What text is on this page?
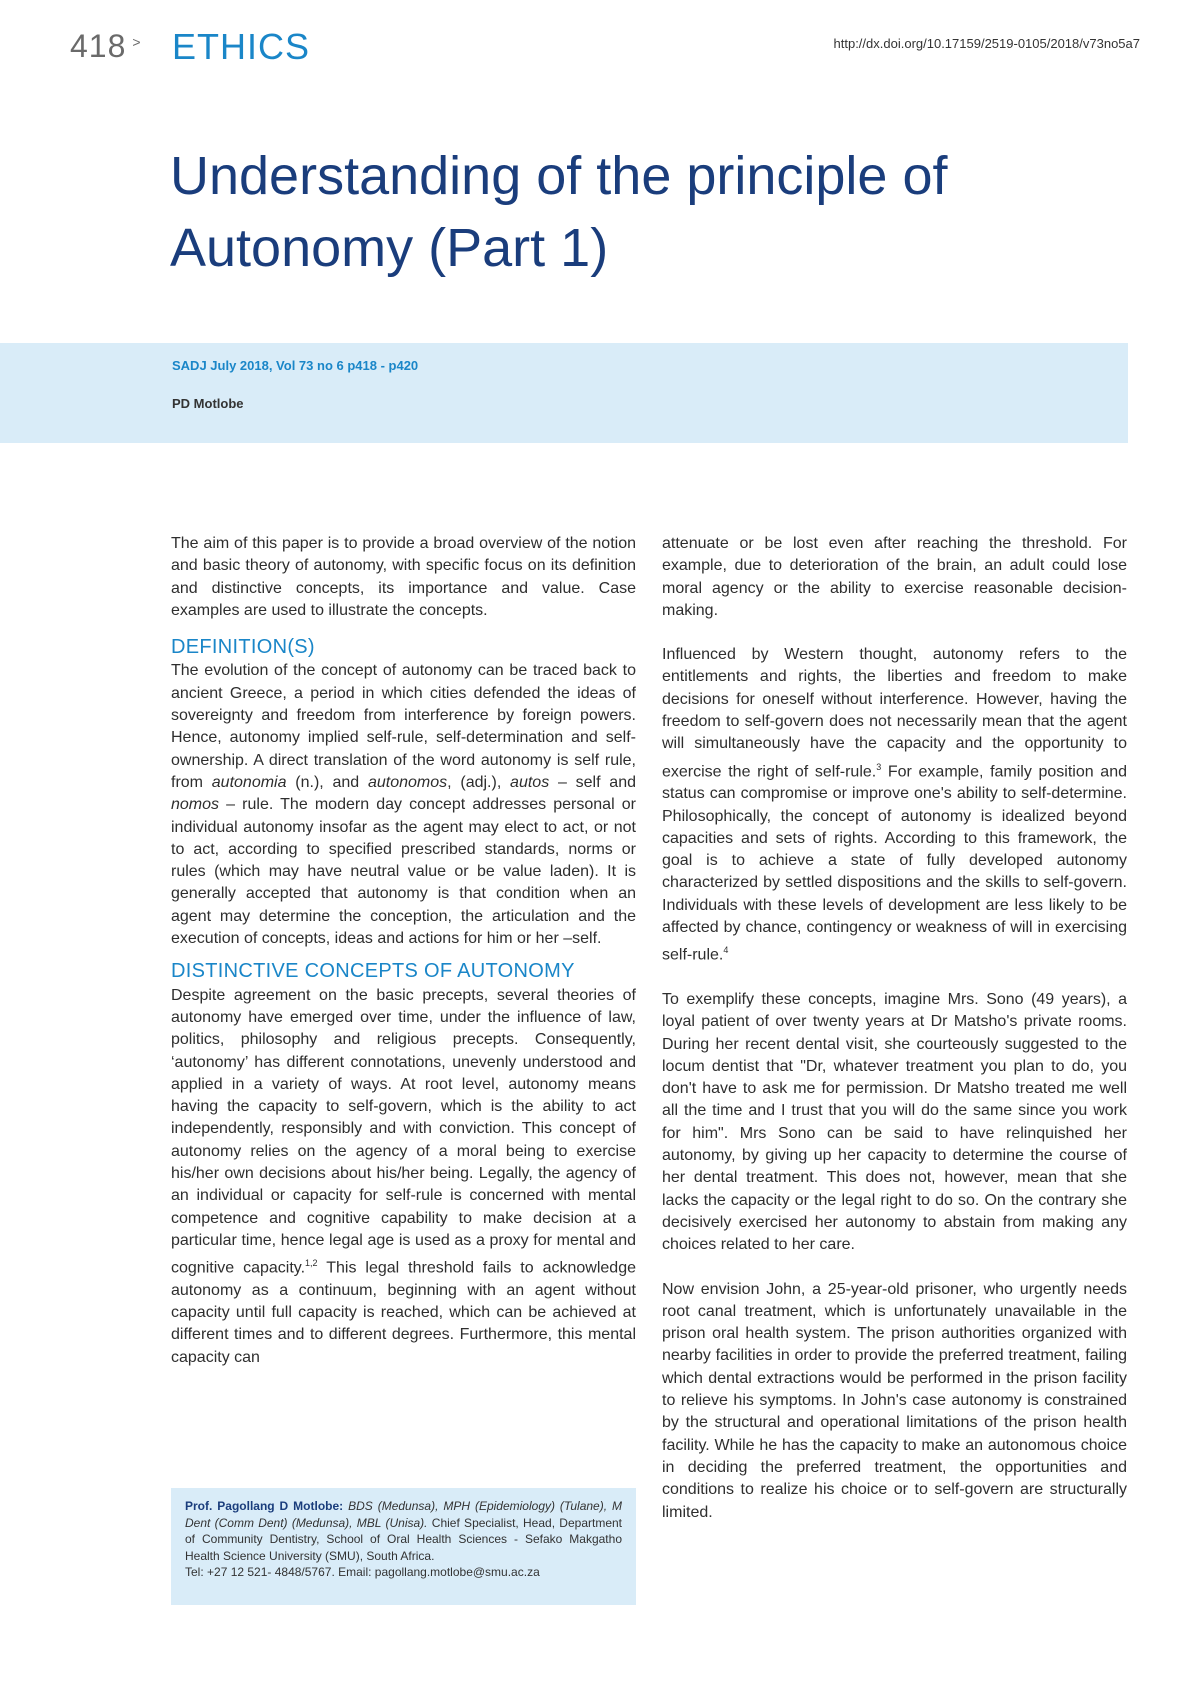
418 > ETHICS	http://dx.doi.org/10.17159/2519-0105/2018/v73no5a7
Understanding of the principle of Autonomy (Part 1)
SADJ July 2018, Vol 73 no 6 p418 - p420
PD Motlobe

The aim of this paper is to provide a broad overview of the notion and basic theory of autonomy, with specific focus on its definition and distinctive concepts, its importance and value. Case examples are used to illustrate the concepts.

DEFINITION(S)

The evolution of the concept of autonomy can be traced back to ancient Greece, a period in which cities defended the ideas of sovereignty and freedom from interference by foreign powers. Hence, autonomy implied self-rule, self-determination and self-ownership. A direct translation of the word autonomy is self rule, from autonomia (n.), and autonomos, (adj.), autos – self and nomos – rule. The modern day concept addresses personal or individual autonomy insofar as the agent may elect to act, or not to act, according to specified prescribed standards, norms or rules (which may have neutral value or be value laden). It is generally accepted that autonomy is that condition when an agent may determine the conception, the articulation and the execution of concepts, ideas and actions for him or her –self.

DISTINCTIVE CONCEPTS OF AUTONOMY

Despite agreement on the basic precepts, several theories of autonomy have emerged over time, under the influence of law, politics, philosophy and religious precepts. Consequently, ‘autonomy’ has different connotations, unevenly understood and applied in a variety of ways. At root level, autonomy means having the capacity to self-govern, which is the ability to act independently, responsibly and with conviction. This concept of autonomy relies on the agency of a moral being to exercise his/her own decisions about his/her being. Legally, the agency of an individual or capacity for self-rule is concerned with mental competence and cognitive capability to make decision at a particular time, hence legal age is used as a proxy for mental and cognitive capacity.$^{1,2}$ This legal threshold fails to acknowledge autonomy as a continuum, beginning with an agent without capacity until full capacity is reached, which can be achieved at different times and to different degrees. Furthermore, this mental capacity can

Prof. Pagollang D Motlobe: BDS (Medunsa), MPH (Epidemiology) (Tulane), M Dent (Comm Dent) (Medunsa), MBL (Unisa). Chief Specialist, Head, Department of Community Dentistry, School of Oral Health Sciences - Sefako Makgatho Health Science University (SMU), South Africa.
Tel: +27 12 521- 4848/5767. Email: pagollang.motlobe@smu.ac.za

attenuate or be lost even after reaching the threshold. For example, due to deterioration of the brain, an adult could lose moral agency or the ability to exercise reasonable decision-making.

Influenced by Western thought, autonomy refers to the entitlements and rights, the liberties and freedom to make decisions for oneself without interference. However, having the freedom to self-govern does not necessarily mean that the agent will simultaneously have the capacity and the opportunity to exercise the right of self-rule.$^3$ For example, family position and status can compromise or improve one's ability to self-determine. Philosophically, the concept of autonomy is idealized beyond capacities and sets of rights. According to this framework, the goal is to achieve a state of fully developed autonomy characterized by settled dispositions and the skills to self-govern. Individuals with these levels of development are less likely to be affected by chance, contingency or weakness of will in exercising self-rule.$^4$

To exemplify these concepts, imagine Mrs. Sono (49 years), a loyal patient of over twenty years at Dr Matsho's private rooms. During her recent dental visit, she courteously suggested to the locum dentist that "Dr, whatever treatment you plan to do, you don't have to ask me for permission. Dr Matsho treated me well all the time and I trust that you will do the same since you work for him". Mrs Sono can be said to have relinquished her autonomy, by giving up her capacity to determine the course of her dental treatment. This does not, however, mean that she lacks the capacity or the legal right to do so. On the contrary she decisively exercised her autonomy to abstain from making any choices related to her care.

Now envision John, a 25-year-old prisoner, who urgently needs root canal treatment, which is unfortunately unavailable in the prison oral health system. The prison authorities organized with nearby facilities in order to provide the preferred treatment, failing which dental extractions would be performed in the prison facility to relieve his symptoms. In John's case autonomy is constrained by the structural and operational limitations of the prison health facility. While he has the capacity to make an autonomous choice in deciding the preferred treatment, the opportunities and conditions to realize his choice or to self-govern are structurally limited.
